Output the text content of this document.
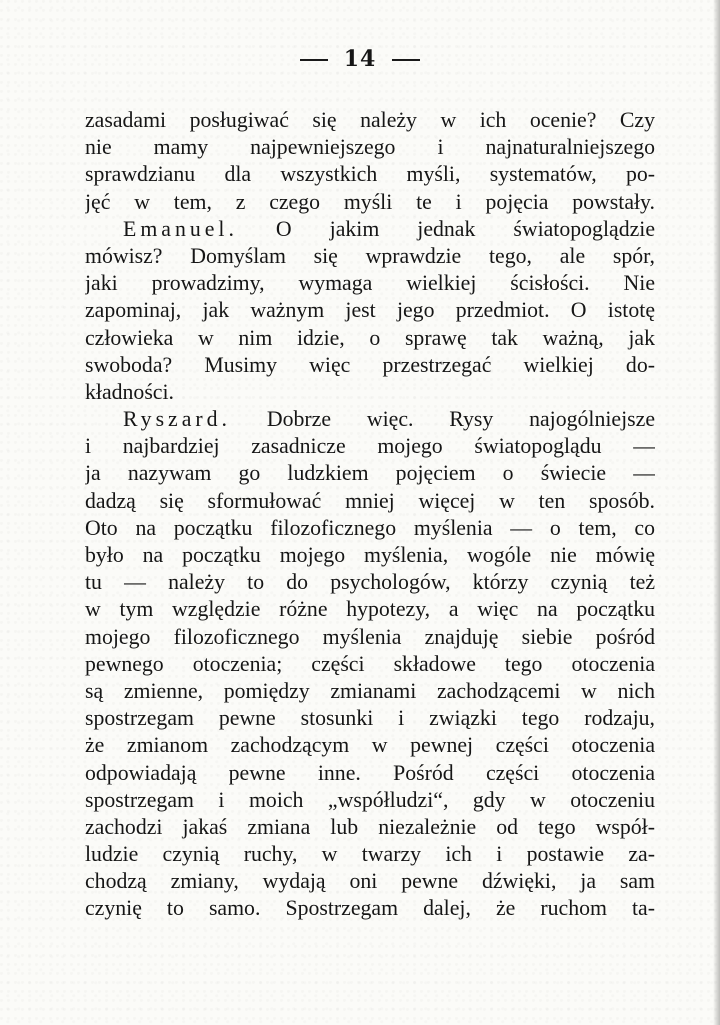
14
zasadami posługiwać się należy w ich ocenie? Czy
nie mamy najpewniejszego i najnaturalniejszego
sprawdzianu dla wszystkich myśli, systematów, po-
jęć w tem, z czego myśli te i pojęcia powstały.
Emanuel. O jakim jednak światopoglądzie
mówisz? Domyślam się wprawdzie tego, ale spór,
jaki prowadzimy, wymaga wielkiej ścisłości. Nie
zapominaj, jak ważnym jest jego przedmiot. O istotę
człowieka w nim idzie, o sprawę tak ważną, jak
swoboda? Musimy więc przestrzegać wielkiej do-
kładności.
Ryszard. Dobrze więc. Rysy najogólniejsze
i najbardziej zasadnicze mojego światopoglądu —
ja nazywam go ludzkiem pojęciem o świecie —
dadzą się sformułować mniej więcej w ten sposób.
Oto na początku filozoficznego myślenia — o tem, co
było na początku mojego myślenia, wogóle nie mówię
tu — należy to do psychologów, którzy czynią też
w tym względzie różne hypotezy, a więc na początku
mojego filozoficznego myślenia znajduję siebie pośród
pewnego otoczenia; części składowe tego otoczenia
są zmienne, pomiędzy zmianami zachodzącemi w nich
spostrzegam pewne stosunki i związki tego rodzaju,
że zmianom zachodzącym w pewnej części otoczenia
odpowiadają pewne inne. Pośród części otoczenia
spostrzegam i moich „współludzi“, gdy w otoczeniu
zachodzi jakaś zmiana lub niezależnie od tego współ-
ludzie czynią ruchy, w twarzy ich i postawie za-
chodzą zmiany, wydają oni pewne dźwięki, ja sam
czynię to samo. Spostrzegam dalej, że ruchom ta-
